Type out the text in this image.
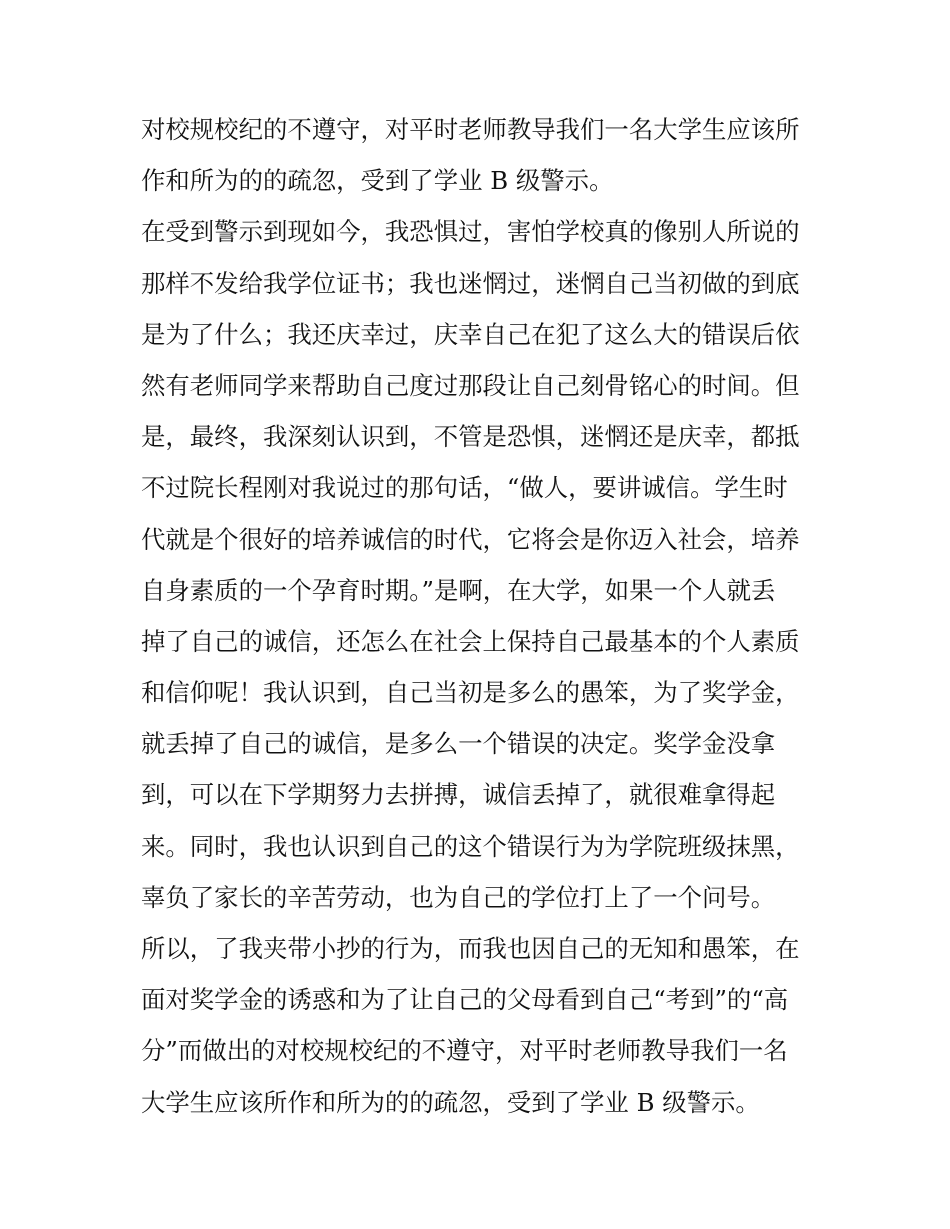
对校规校纪的不遵守，对平时老师教导我们一名大学生应该所
作和所为的的疏忽，受到了学业 B 级警示。
在受到警示到现如今，我恐惧过，害怕学校真的像别人所说的
那样不发给我学位证书；我也迷惘过，迷惘自己当初做的到底
是为了什么；我还庆幸过，庆幸自己在犯了这么大的错误后依
然有老师同学来帮助自己度过那段让自己刻骨铭心的时间。但
是，最终，我深刻认识到，不管是恐惧，迷惘还是庆幸，都抵
不过院长程刚对我说过的那句话，“做人，要讲诚信。学生时
代就是个很好的培养诚信的时代，它将会是你迈入社会，培养
自身素质的一个孕育时期。”是啊，在大学，如果一个人就丢
掉了自己的诚信，还怎么在社会上保持自己最基本的个人素质
和信仰呢！我认识到，自己当初是多么的愚笨，为了奖学金，
就丢掉了自己的诚信，是多么一个错误的决定。奖学金没拿
到，可以在下学期努力去拼搏，诚信丢掉了，就很难拿得起
来。同时，我也认识到自己的这个错误行为为学院班级抹黑，
辜负了家长的辛苦劳动，也为自己的学位打上了一个问号。
所以，了我夹带小抄的行为，而我也因自己的无知和愚笨，在
面对奖学金的诱惑和为了让自己的父母看到自己“考到”的“高
分”而做出的对校规校纪的不遵守，对平时老师教导我们一名
大学生应该所作和所为的的疏忽，受到了学业 B 级警示。
